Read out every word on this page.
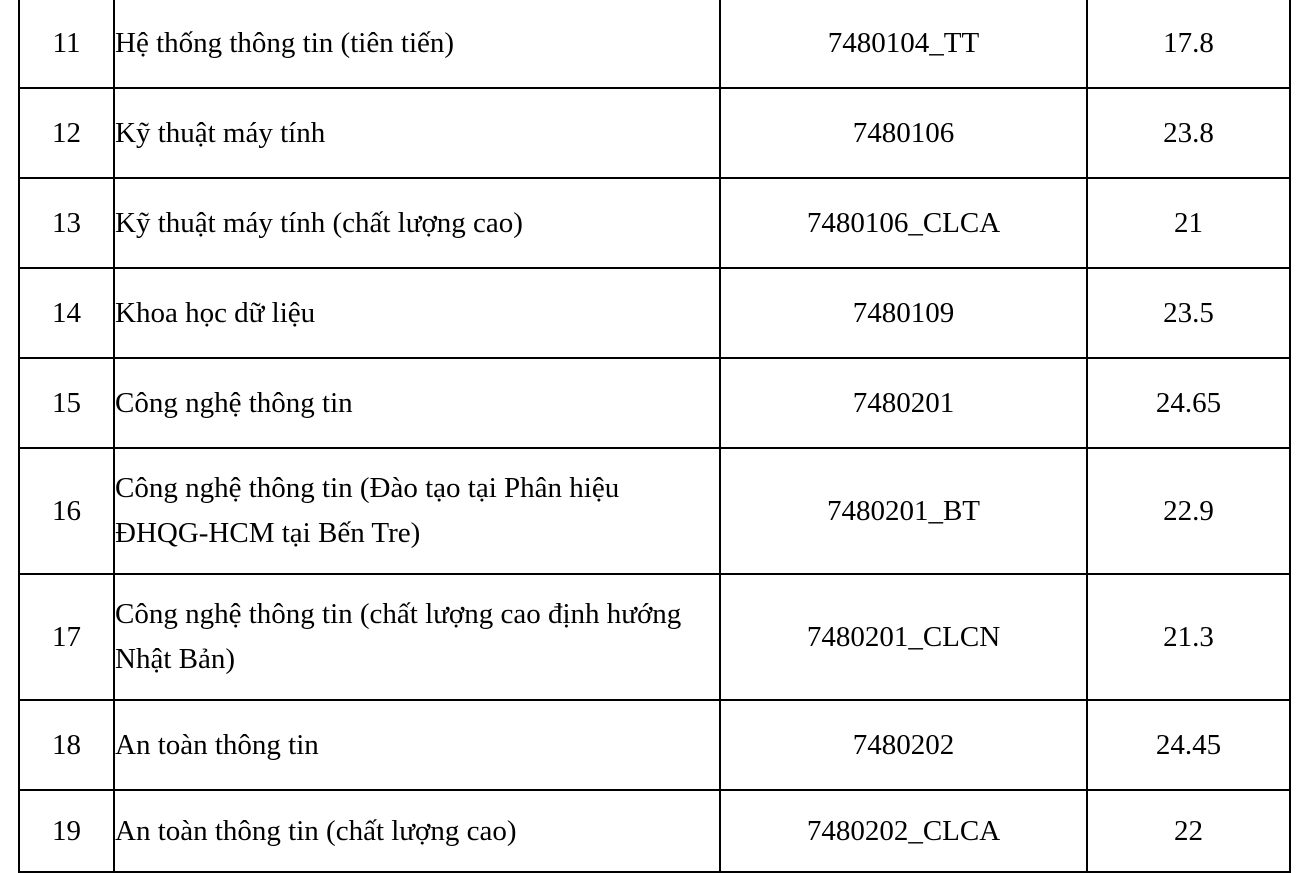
11	Hệ thống thông tin (tiên tiến)	7480104_TT	17.8
12	Kỹ thuật máy tính	7480106	23.8
13	Kỹ thuật máy tính (chất lượng cao)	7480106_CLCA	21
14	Khoa học dữ liệu	7480109	23.5
15	Công nghệ thông tin	7480201	24.65
16	Công nghệ thông tin (Đào tạo tại Phân hiệu ĐHQG-HCM tại Bến Tre)	7480201_BT	22.9
17	Công nghệ thông tin (chất lượng cao định hướng Nhật Bản)	7480201_CLCN	21.3
18	An toàn thông tin	7480202	24.45
19	An toàn thông tin (chất lượng cao)	7480202_CLCA	22
